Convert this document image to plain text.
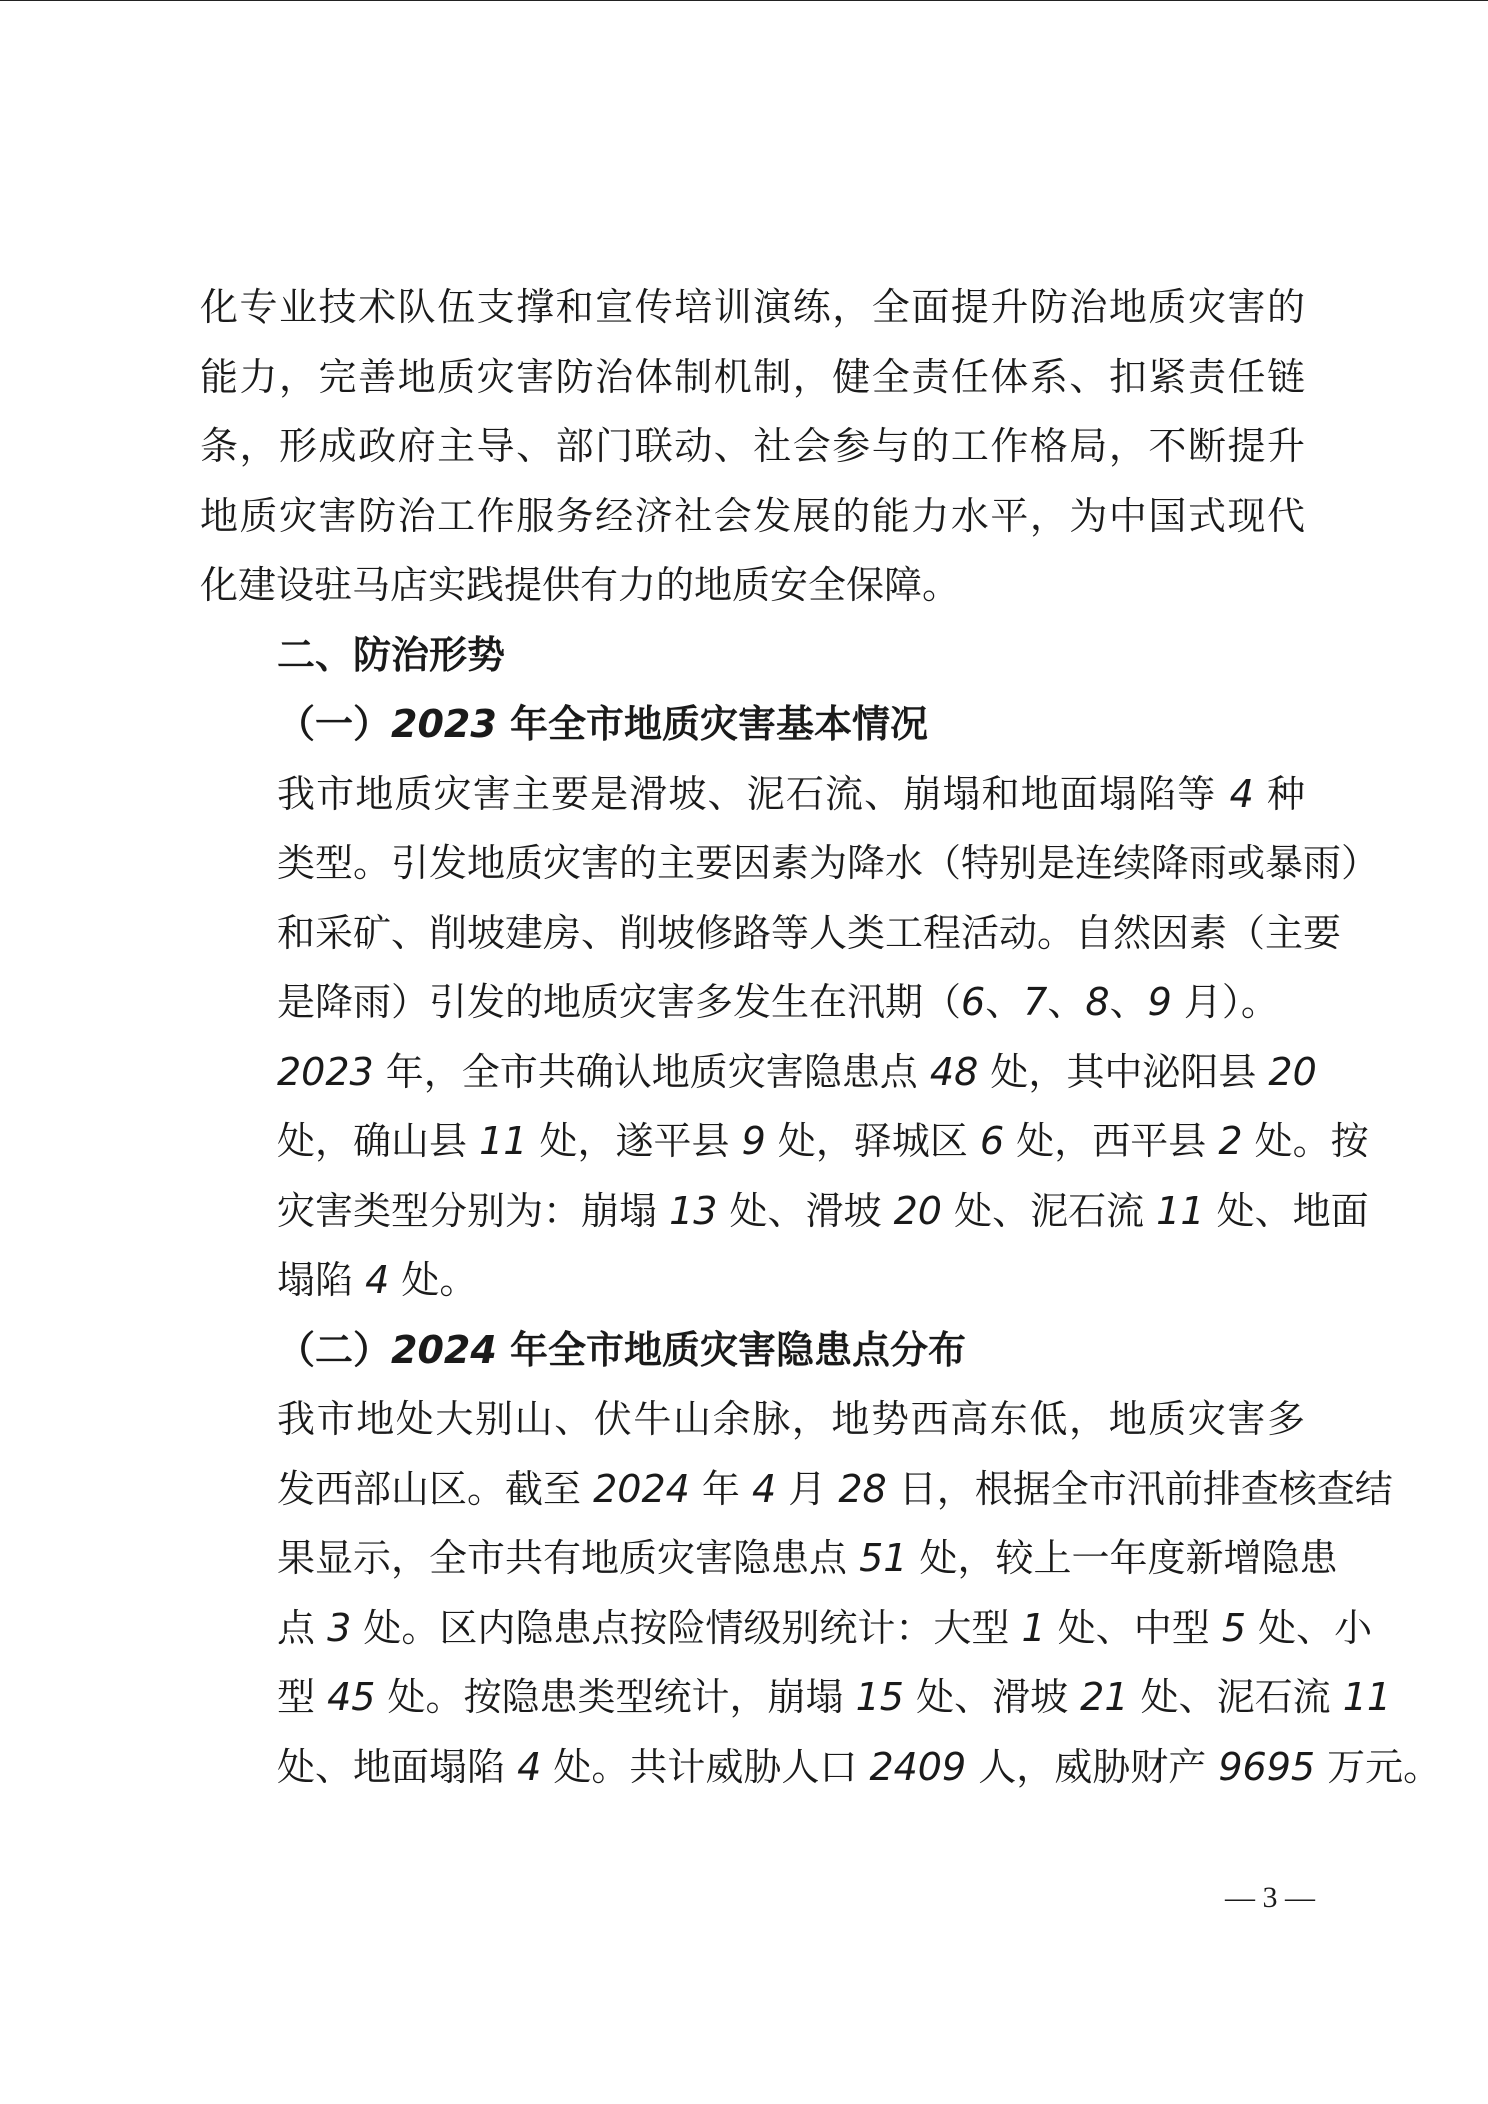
化专业技术队伍支撑和宣传培训演练，全面提升防治地质灾害的
能力，完善地质灾害防治体制机制，健全责任体系、扣紧责任链
条，形成政府主导、部门联动、社会参与的工作格局，不断提升
地质灾害防治工作服务经济社会发展的能力水平，为中国式现代
化建设驻马店实践提供有力的地质安全保障。
二、防治形势
（一）2023 年全市地质灾害基本情况
我市地质灾害主要是滑坡、泥石流、崩塌和地面塌陷等 4 种
类型。引发地质灾害的主要因素为降水（特别是连续降雨或暴雨）
和采矿、削坡建房、削坡修路等人类工程活动。自然因素（主要
是降雨）引发的地质灾害多发生在汛期（6、7、8、9 月）。
2023 年，全市共确认地质灾害隐患点 48 处，其中泌阳县 20
处，确山县 11 处，遂平县 9 处，驿城区 6 处，西平县 2 处。按
灾害类型分别为：崩塌 13 处、滑坡 20 处、泥石流 11 处、地面
塌陷 4 处。
（二）2024 年全市地质灾害隐患点分布
我市地处大别山、伏牛山余脉，地势西高东低，地质灾害多
发西部山区。截至 2024 年 4 月 28 日，根据全市汛前排查核查结
果显示，全市共有地质灾害隐患点 51 处，较上一年度新增隐患
点 3 处。区内隐患点按险情级别统计：大型 1 处、中型 5 处、小
型 45 处。按隐患类型统计，崩塌 15 处、滑坡 21 处、泥石流 11
处、地面塌陷 4 处。共计威胁人口 2409 人，威胁财产 9695 万元。
— 3 —
